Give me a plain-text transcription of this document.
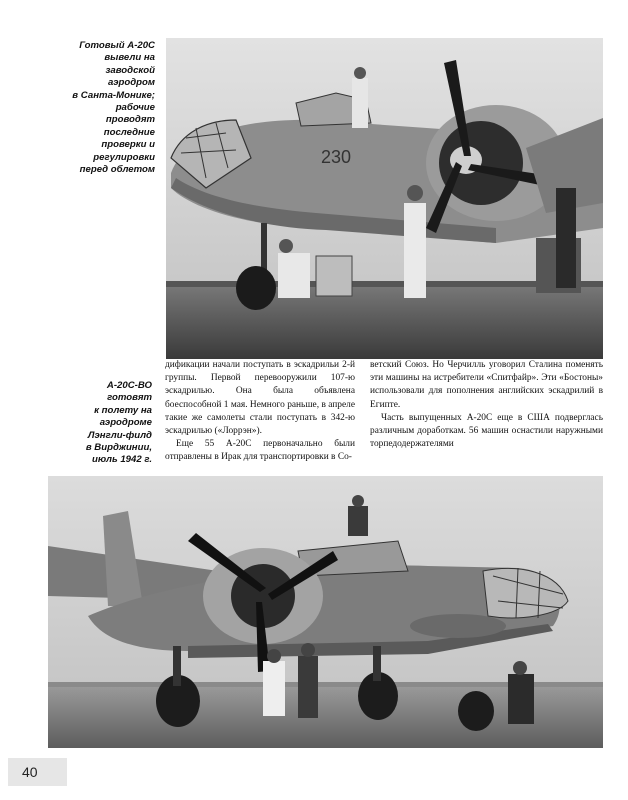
Готовый А-20С
вывели на
заводской
аэродром
в Санта-Монике;
рабочие
проводят
последние
проверки и
регулировки
перед облетом
230
А-20С-ВО
готовят
к полету на
аэродроме
Лэнгли-филд
в Вирджинии,
июль 1942 г.

дификации начали поступать в эскадрильи 2-й группы. Первой перевооружили 107-ю эскадрилью. Она была объявлена боеспособной 1 мая. Немного раньше, в апреле такие же самолеты стали поступать в 342-ю эскадрилью («Лоррэн»).

Еще 55 А-20С первоначально были отправлены в Ирак для транспортировки в Со-

ветский Союз. Но Черчилль уговорил Сталина поменять эти машины на истребители «Спитфайр». Эти «Бостоны» использовали для пополнения английских эскадрилий в Египте.

Часть выпущенных А-20С еще в США подверглась различным доработкам. 56 машин оснастили наружными торпедодержателями

40
